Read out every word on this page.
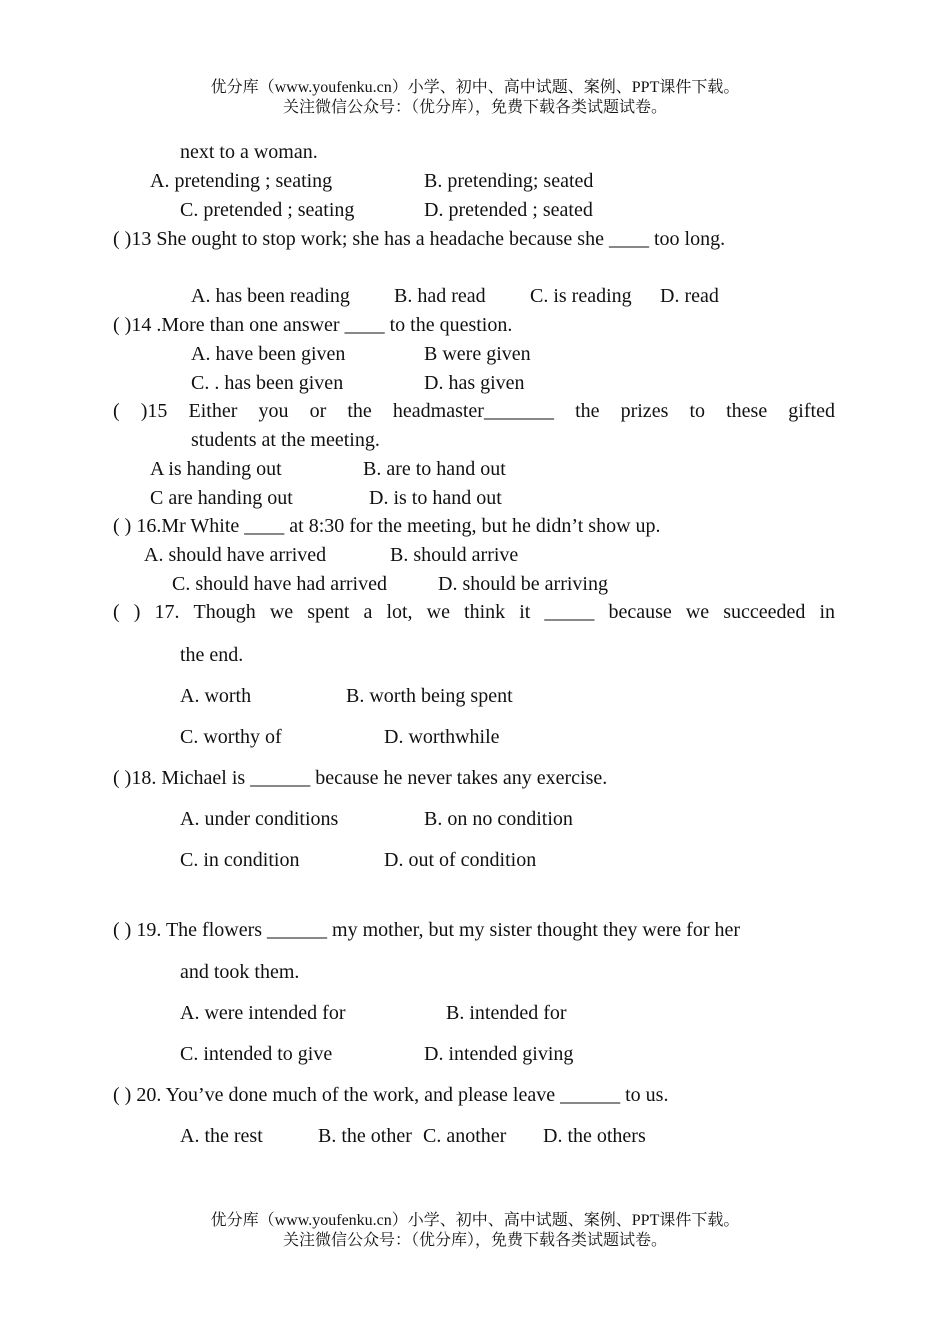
优分库（www.youfenku.cn）小学、初中、高中试题、案例、PPT课件下载。
关注微信公众号：（优分库），免费下载各类试题试卷。
next to a woman.
A. pretending ; seating	B. pretending; seated
C. pretended ; seating	D. pretended ; seated
( )13 She ought to stop work; she has a headache because she ____ too long.
A. has been reading B. had read C. is reading D. read
( )14 .More than one answer ____ to the question.
A. have been given	B were given
C. . has been given	D. has given
( )15 Either you or the headmaster_______ the prizes to these gifted
students at the meeting.
A is handing out	B. are to hand out
C are handing out	D. is to hand out
( ) 16.Mr White ____ at 8:30 for the meeting, but he didn’t show up.
A. should have arrived	B. should arrive
C. should have had arrived	D. should be arriving
( ) 17. Though we spent a lot, we think it _____ because we succeeded in
the end.
A. worth	B. worth being spent
C. worthy of	D. worthwhile
( )18. Michael is ______ because he never takes any exercise.
A. under conditions	B. on no condition
C. in condition	D. out of condition
( ) 19. The flowers ______ my mother, but my sister thought they were for her
and took them.
A. were intended for	B. intended for
C. intended to give	D. intended giving
( ) 20. You’ve done much of the work, and please leave ______ to us.
A. the rest	B. the other C. another D. the others
优分库（www.youfenku.cn）小学、初中、高中试题、案例、PPT课件下载。
关注微信公众号：（优分库），免费下载各类试题试卷。
